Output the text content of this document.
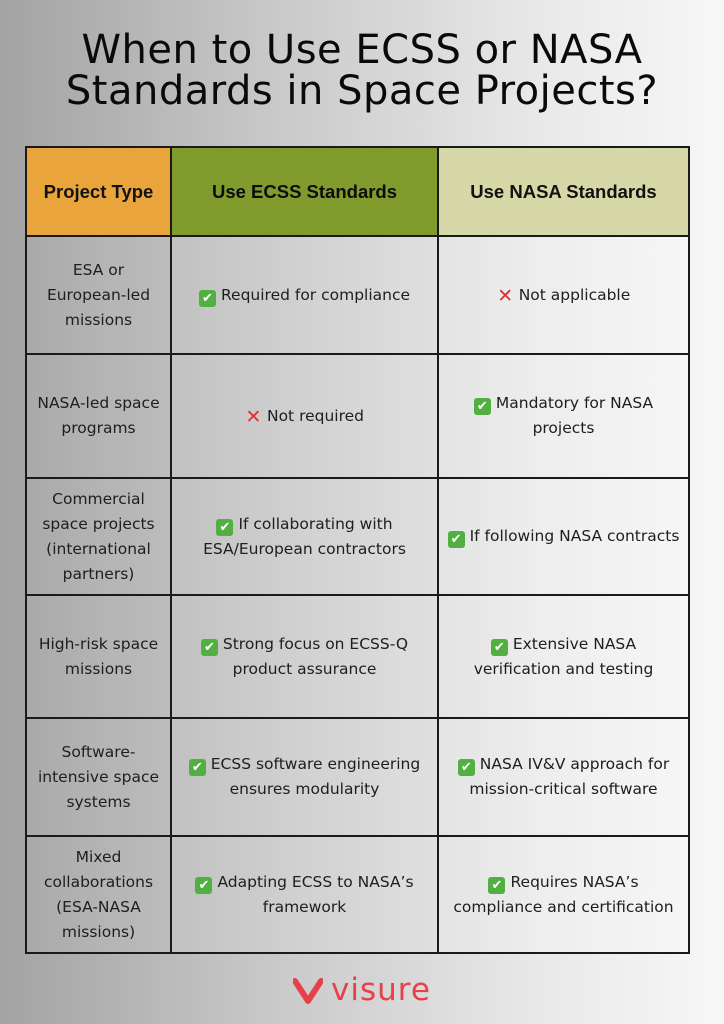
When to Use ECSS or NASA
Standards in Space Projects?
Project Type	Use ECSS Standards	Use NASA Standards
ESA or European-led missions	✔ Required for compliance	✕ Not applicable
NASA-led space programs	✕ Not required	✔ Mandatory for NASA projects
Commercial space projects (international partners)	✔ If collaborating with ESA/European contractors	✔ If following NASA contracts
High-risk space missions	✔ Strong focus on ECSS-Q product assurance	✔ Extensive NASA verification and testing
Software-intensive space systems	✔ ECSS software engineering ensures modularity	✔ NASA IV&V approach for mission-critical software
Mixed collaborations (ESA-NASA missions)	✔ Adapting ECSS to NASA’s framework	✔ Requires NASA’s compliance and certification
visure
